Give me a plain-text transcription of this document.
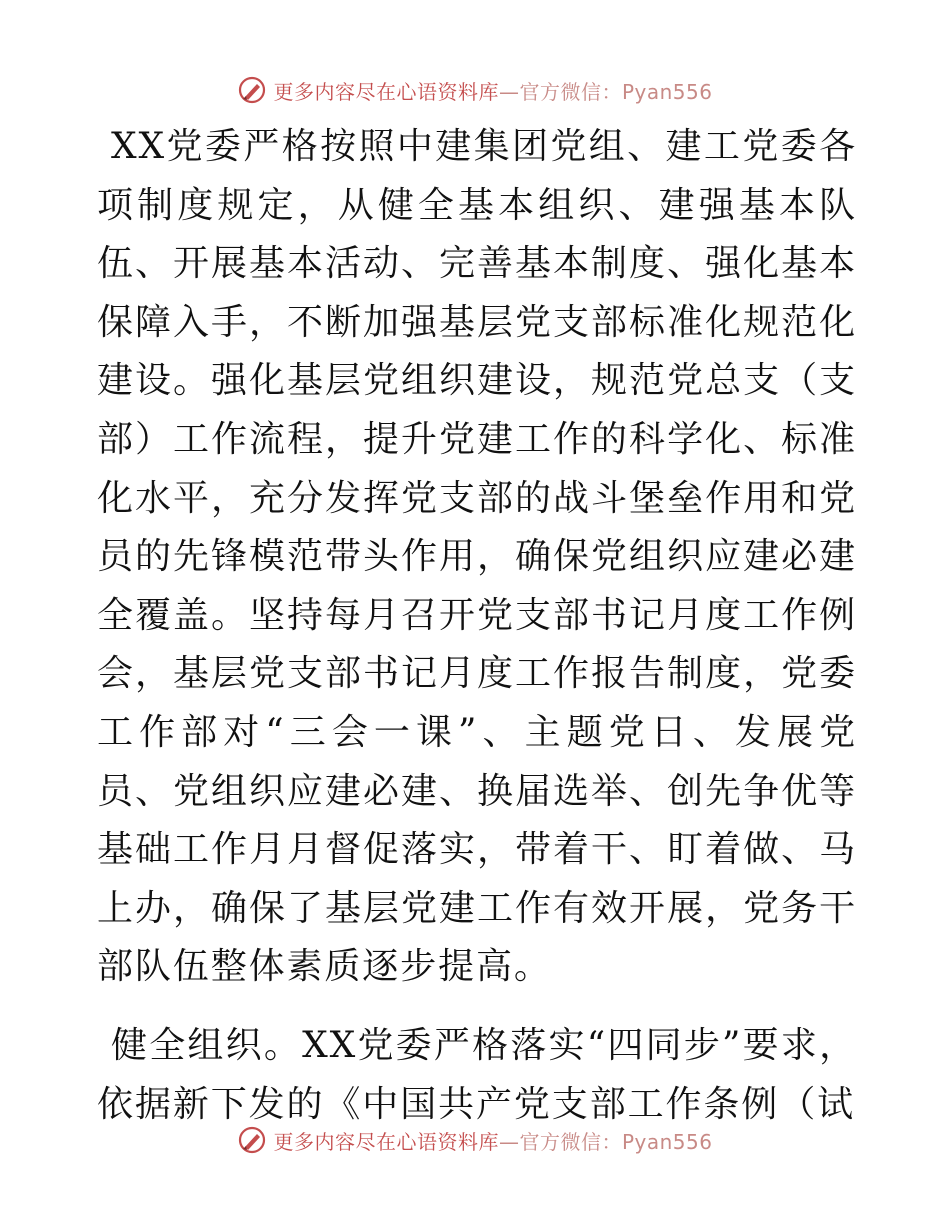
更多内容尽在心语资料库—官方微信：Pyan556

XX党委严格按照中建集团党组、建工党委各项制度规定，从健全基本组织、建强基本队伍、开展基本活动、完善基本制度、强化基本保障入手，不断加强基层党支部标准化规范化建设。强化基层党组织建设，规范党总支（支部）工作流程，提升党建工作的科学化、标准化水平，充分发挥党支部的战斗堡垒作用和党员的先锋模范带头作用，确保党组织应建必建全覆盖。坚持每月召开党支部书记月度工作例会，基层党支部书记月度工作报告制度，党委工作部对“三会一课”、主题党日、发展党员、党组织应建必建、换届选举、创先争优等基础工作月月督促落实，带着干、盯着做、马上办，确保了基层党建工作有效开展，党务干部队伍整体素质逐步提高。

健全组织。XX党委严格落实“四同步”要求，依据新下发的《中国共产党支部工作条例（试

更多内容尽在心语资料库—官方微信：Pyan556
